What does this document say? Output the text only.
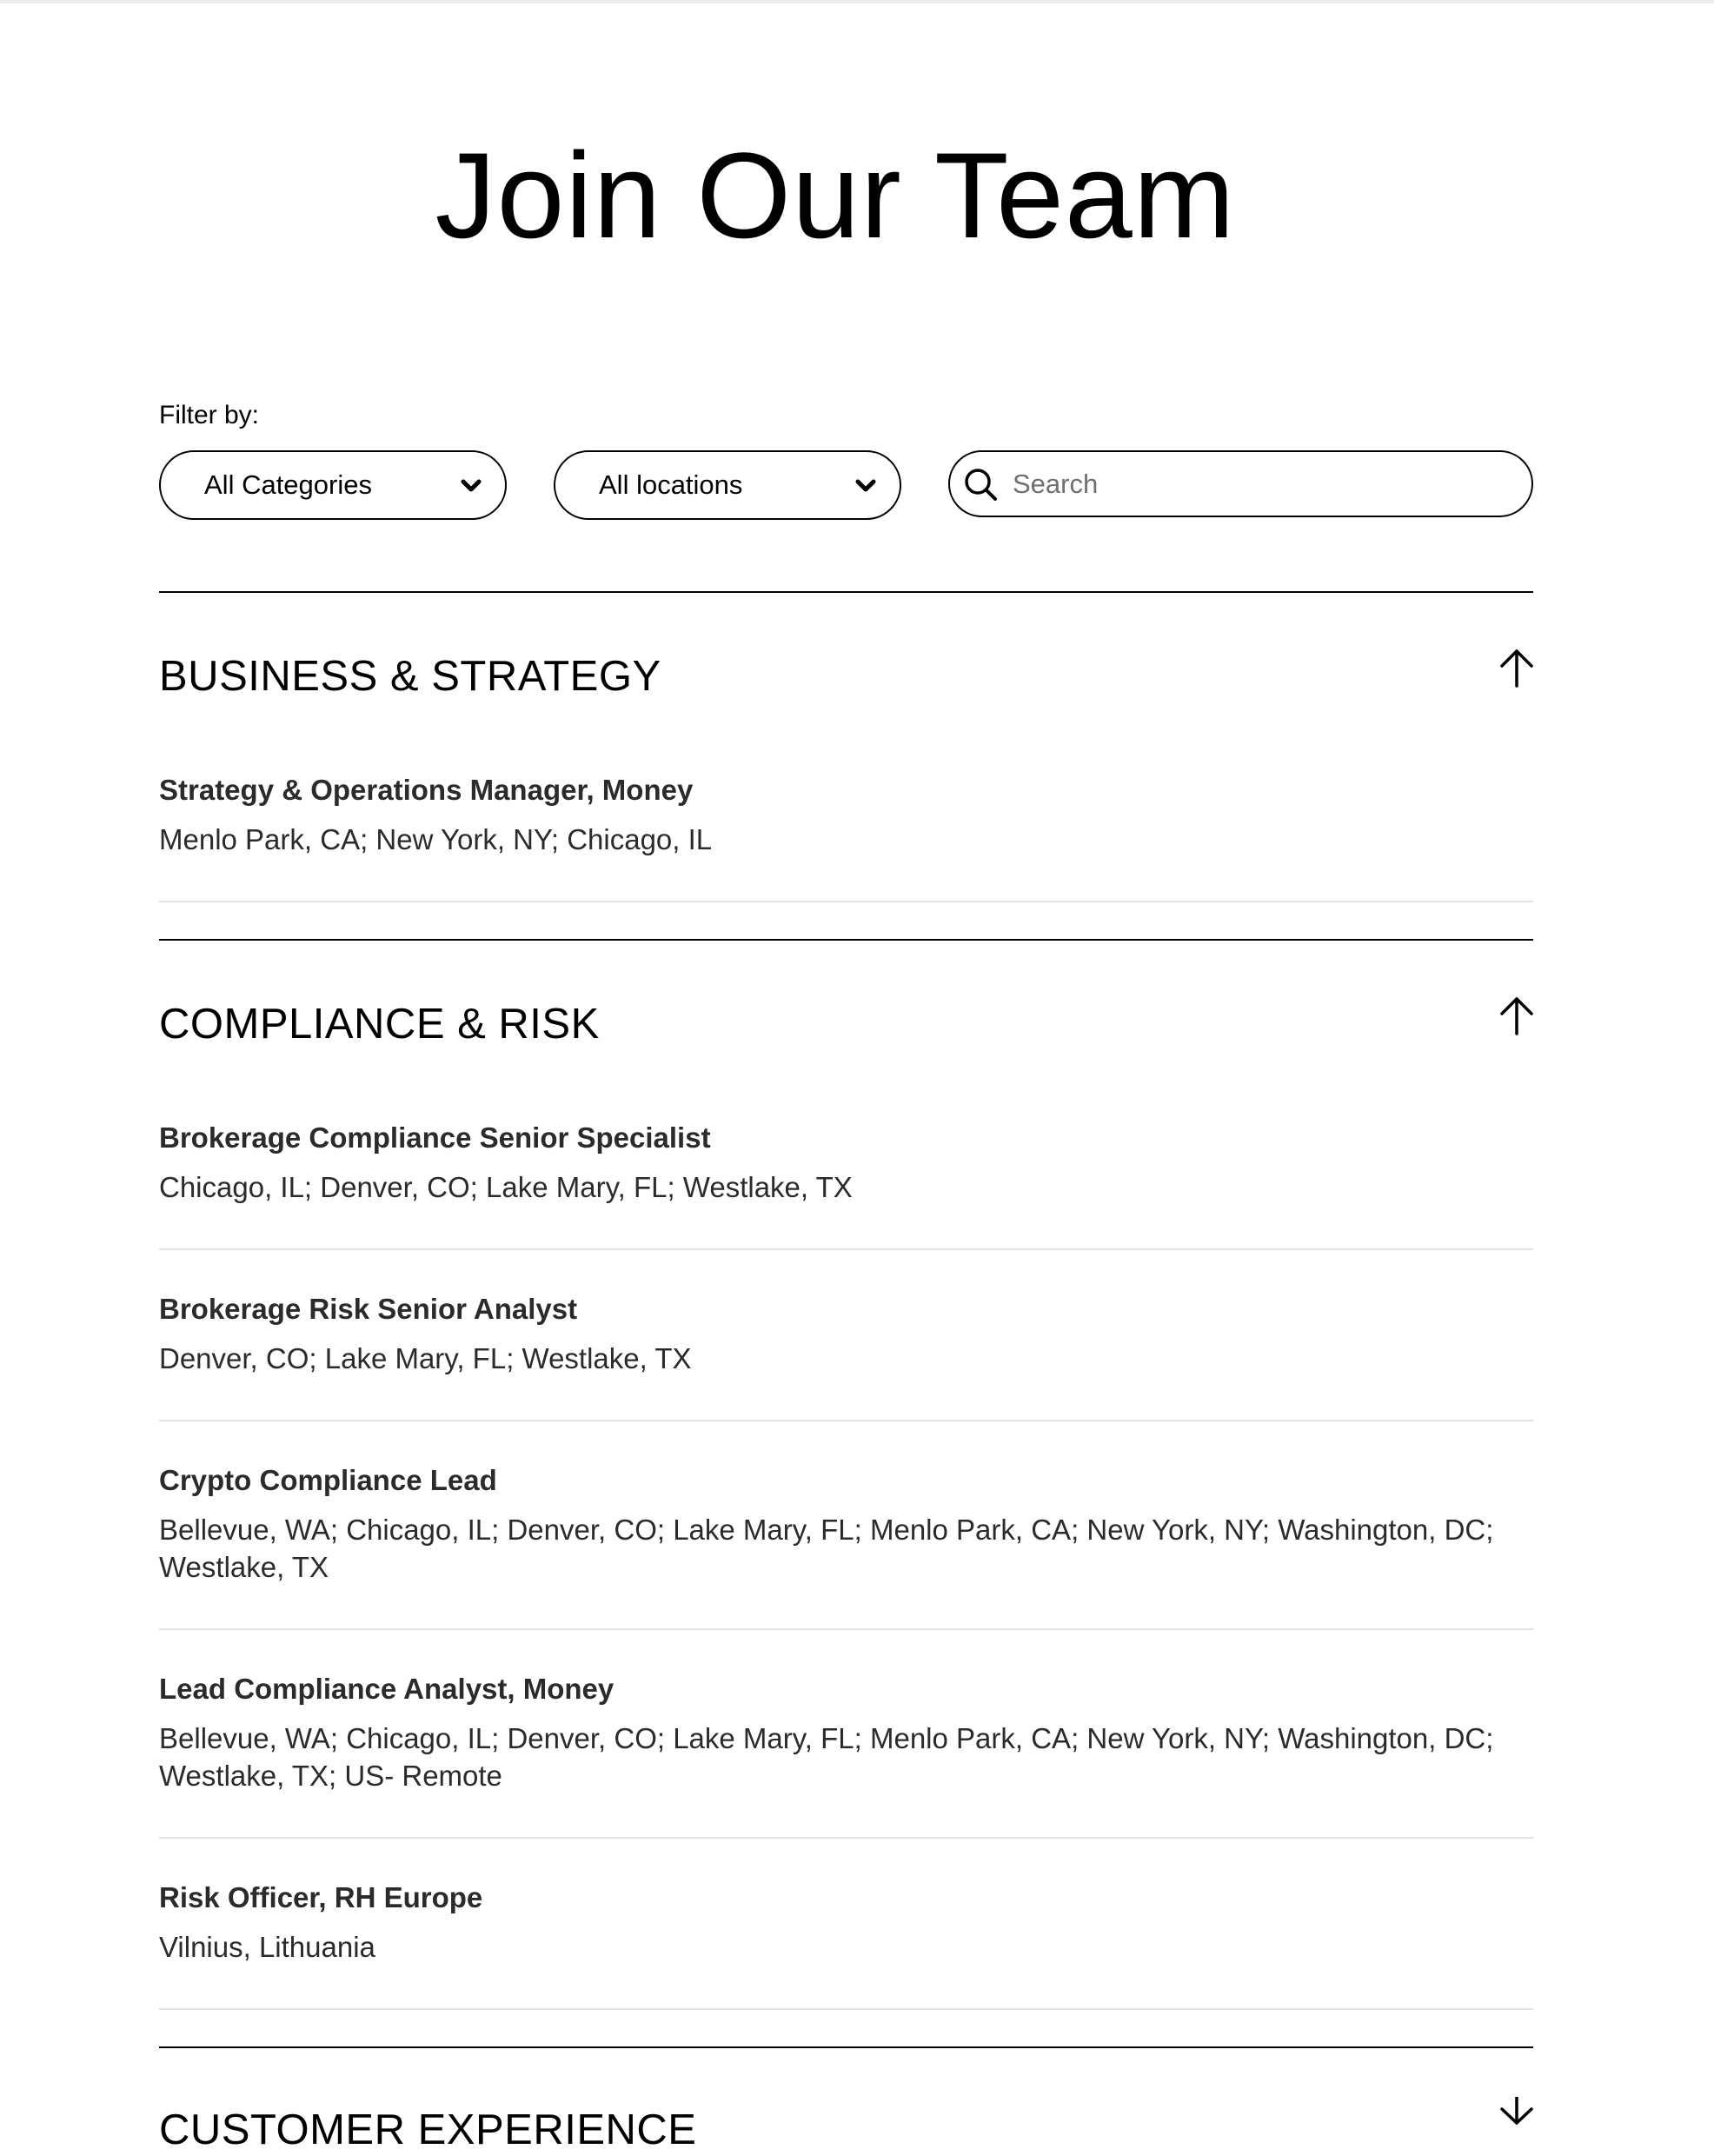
Join Our Team
Filter by:
All Categories	All locations
Search
BUSINESS & STRATEGY
Strategy & Operations Manager, Money
Menlo Park, CA; New York, NY; Chicago, IL
COMPLIANCE & RISK
Brokerage Compliance Senior Specialist
Chicago, IL; Denver, CO; Lake Mary, FL; Westlake, TX
Brokerage Risk Senior Analyst
Denver, CO; Lake Mary, FL; Westlake, TX
Crypto Compliance Lead
Bellevue, WA; Chicago, IL; Denver, CO; Lake Mary, FL; Menlo Park, CA; New York, NY; Washington, DC; Westlake, TX
Lead Compliance Analyst, Money
Bellevue, WA; Chicago, IL; Denver, CO; Lake Mary, FL; Menlo Park, CA; New York, NY; Washington, DC; Westlake, TX; US- Remote
Risk Officer, RH Europe
Vilnius, Lithuania
CUSTOMER EXPERIENCE
